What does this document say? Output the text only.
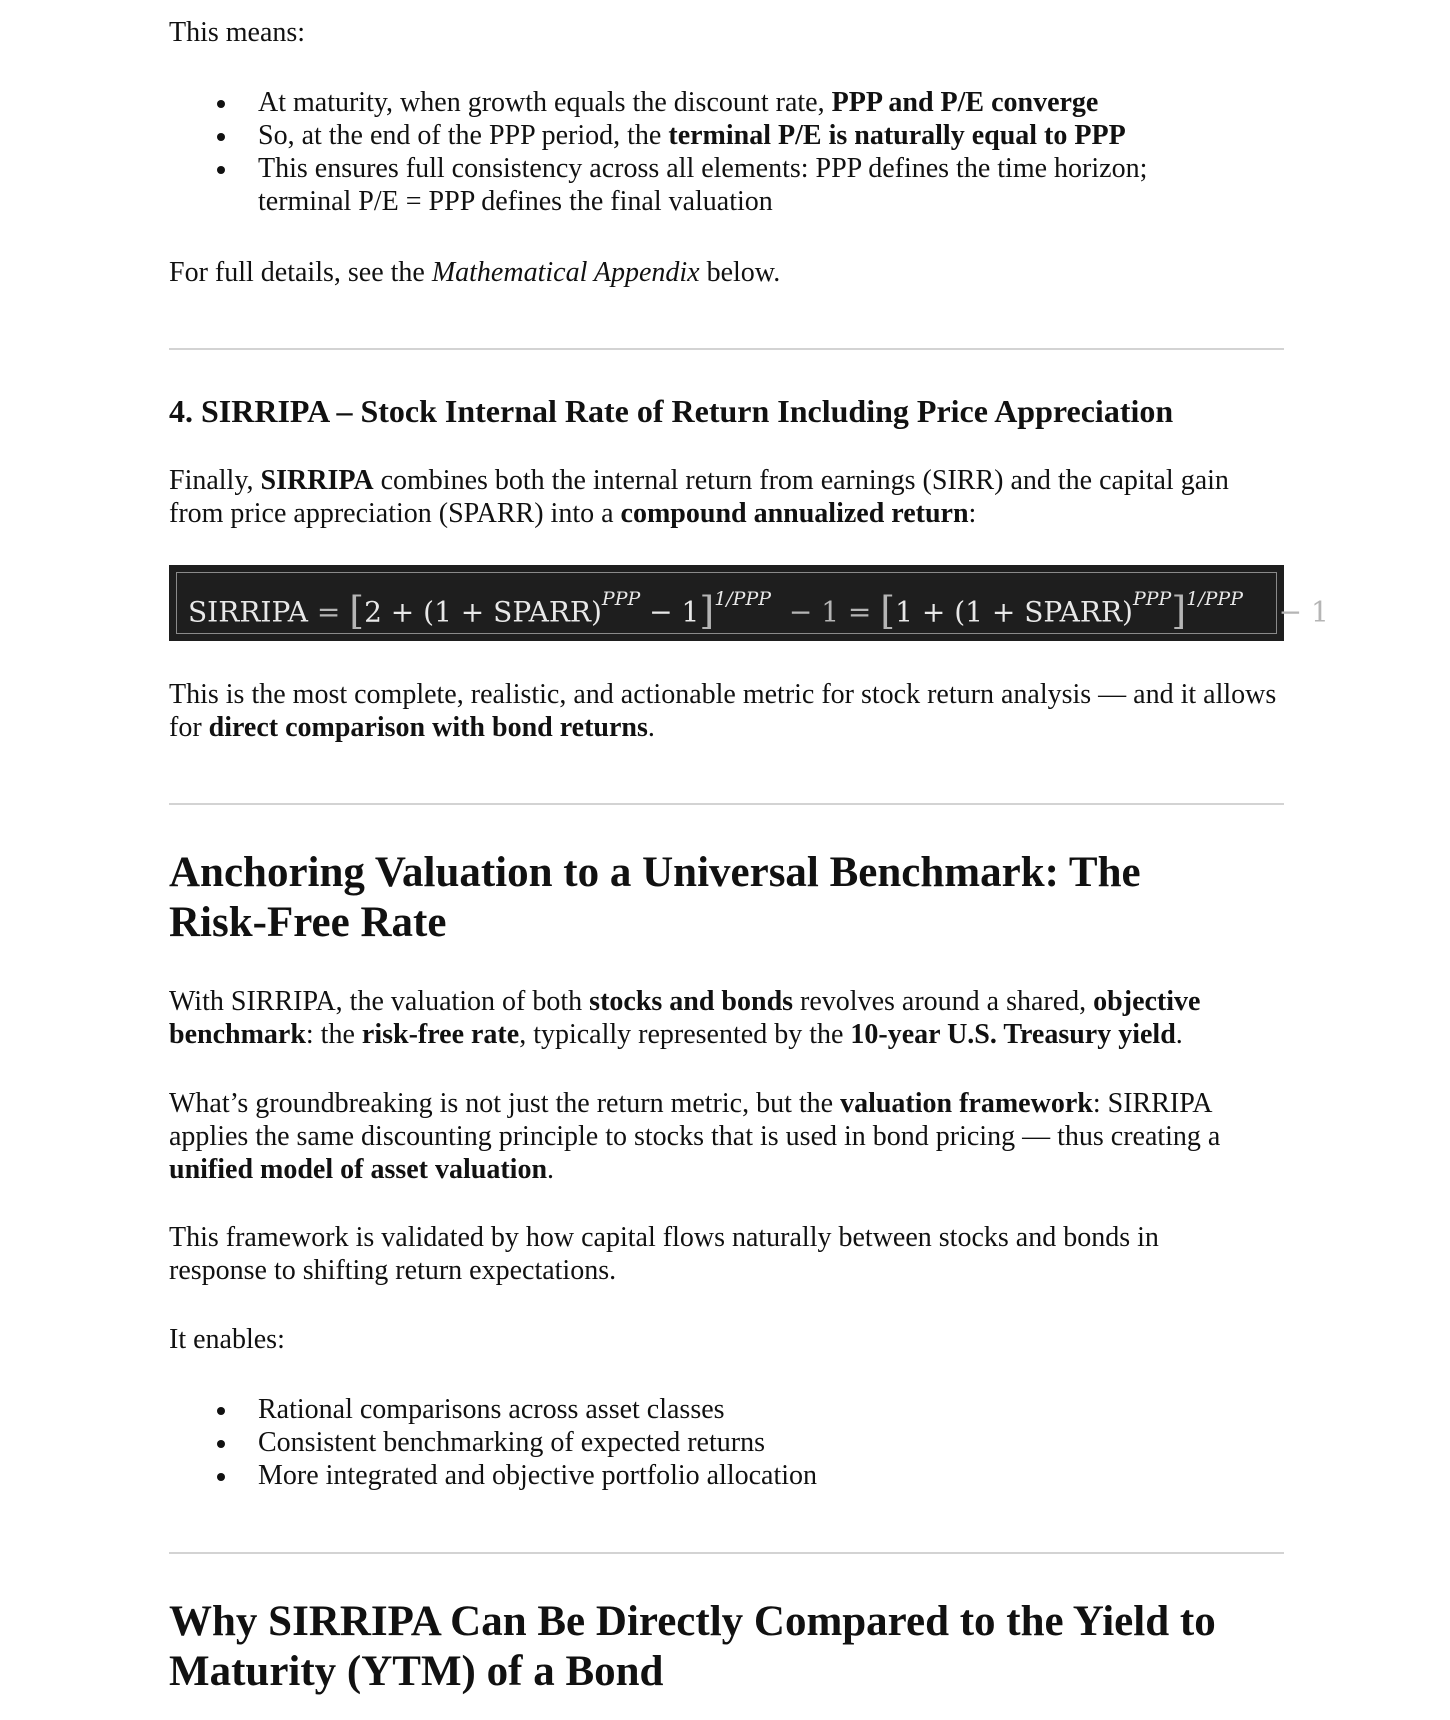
This means:

At maturity, when growth equals the discount rate, PPP and P/E converge
So, at the end of the PPP period, the terminal P/E is naturally equal to PPP
This ensures full consistency across all elements: PPP defines the time horizon; terminal P/E = PPP defines the final valuation

For full details, see the Mathematical Appendix below.

4. SIRRIPA – Stock Internal Rate of Return Including Price Appreciation

Finally, SIRRIPA combines both the internal return from earnings (SIRR) and the capital gain from price appreciation (SPARR) into a compound annualized return:

SIRRIPA = [2 + (1 + SPARR)$^{PPP}$ − 1]$^{1/PPP}$ − 1 = [1 + (1 + SPARR)$^{PPP}$]$^{1/PPP}$ − 1

This is the most complete, realistic, and actionable metric for stock return analysis — and it allows for direct comparison with bond returns.

Anchoring Valuation to a Universal Benchmark: The Risk-Free Rate

With SIRRIPA, the valuation of both stocks and bonds revolves around a shared, objective benchmark: the risk-free rate, typically represented by the 10-year U.S. Treasury yield.

What’s groundbreaking is not just the return metric, but the valuation framework: SIRRIPA applies the same discounting principle to stocks that is used in bond pricing — thus creating a unified model of asset valuation.

This framework is validated by how capital flows naturally between stocks and bonds in response to shifting return expectations.

It enables:

Rational comparisons across asset classes
Consistent benchmarking of expected returns
More integrated and objective portfolio allocation
Why SIRRIPA Can Be Directly Compared to the Yield to Maturity (YTM) of a Bond
